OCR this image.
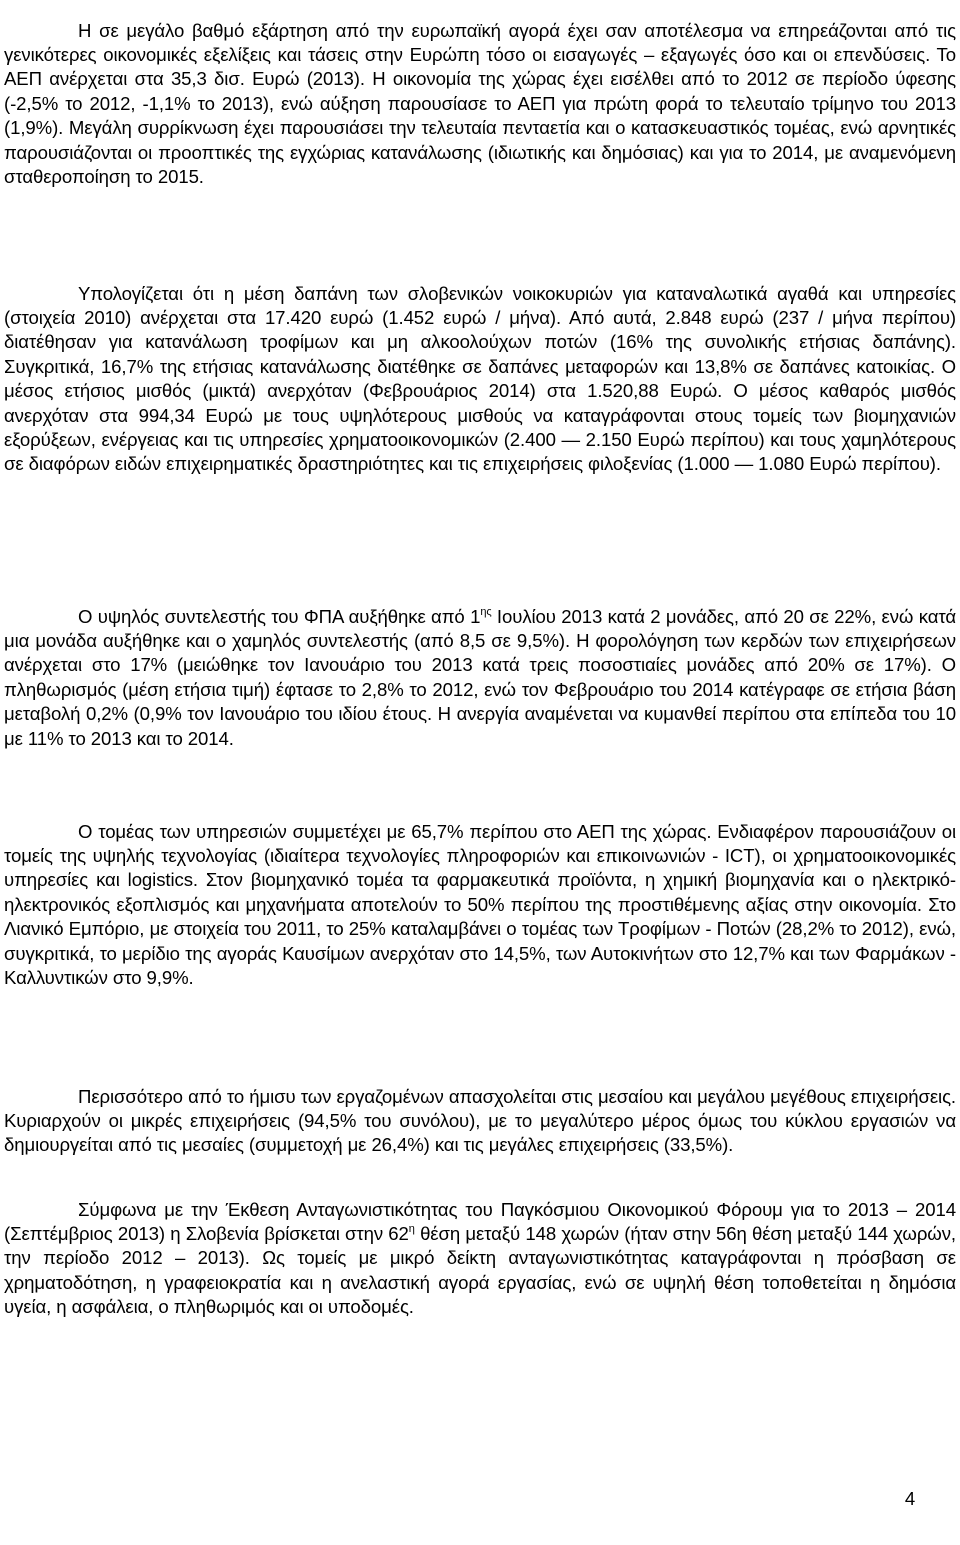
Η σε μεγάλο βαθμό εξάρτηση από την ευρωπαϊκή αγορά έχει σαν αποτέλεσμα να επηρεάζονται από τις γενικότερες οικονομικές εξελίξεις και τάσεις στην Ευρώπη τόσο οι εισαγωγές – εξαγωγές όσο και οι επενδύσεις. Το ΑΕΠ ανέρχεται στα 35,3 δισ. Ευρώ (2013). Η οικονομία της χώρας έχει εισέλθει από το 2012 σε περίοδο ύφεσης (-2,5% το 2012, -1,1% το 2013), ενώ αύξηση παρουσίασε το ΑΕΠ για πρώτη φορά το τελευταίο τρίμηνο του 2013 (1,9%). Μεγάλη συρρίκνωση έχει παρουσιάσει την τελευταία πενταετία και ο κατασκευαστικός τομέας, ενώ αρνητικές παρουσιάζονται οι προοπτικές της εγχώριας κατανάλωσης (ιδιωτικής και δημόσιας) και για το 2014, με αναμενόμενη σταθεροποίηση το 2015.

Υπολογίζεται ότι η μέση δαπάνη των σλοβενικών νοικοκυριών για καταναλωτικά αγαθά και υπηρεσίες (στοιχεία 2010) ανέρχεται στα 17.420 ευρώ (1.452 ευρώ / μήνα). Από αυτά, 2.848 ευρώ (237 / μήνα περίπου) διατέθησαν για κατανάλωση τροφίμων και μη αλκοολούχων ποτών (16% της συνολικής ετήσιας δαπάνης). Συγκριτικά, 16,7% της ετήσιας κατανάλωσης διατέθηκε σε δαπάνες μεταφορών και 13,8% σε δαπάνες κατοικίας. Ο μέσος ετήσιος μισθός (μικτά) ανερχόταν (Φεβρουάριος 2014) στα 1.520,88 Ευρώ. Ο μέσος καθαρός μισθός ανερχόταν στα 994,34 Ευρώ με τους υψηλότερους μισθούς να καταγράφονται στους τομείς των βιομηχανιών εξορύξεων, ενέργειας και τις υπηρεσίες χρηματοοικονομικών (2.400 — 2.150 Ευρώ περίπου) και τους χαμηλότερους σε διαφόρων ειδών επιχειρηματικές δραστηριότητες και τις επιχειρήσεις φιλοξενίας (1.000 — 1.080 Ευρώ περίπου).

Ο υψηλός συντελεστής του ΦΠΑ αυξήθηκε από $1^{\eta\varsigma}$ Ιουλίου 2013 κατά 2 μονάδες, από 20 σε 22%, ενώ κατά μια μονάδα αυξήθηκε και ο χαμηλός συντελεστής (από 8,5 σε 9,5%). Η φορολόγηση των κερδών των επιχειρήσεων ανέρχεται στο 17% (μειώθηκε τον Ιανουάριο του 2013 κατά τρεις ποσοστιαίες μονάδες από 20% σε 17%). Ο πληθωρισμός (μέση ετήσια τιμή) έφτασε το 2,8% το 2012, ενώ τον Φεβρουάριο του 2014 κατέγραφε σε ετήσια βάση μεταβολή 0,2% (0,9% τον Ιανουάριο του ιδίου έτους. Η ανεργία αναμένεται να κυμανθεί περίπου στα επίπεδα του 10 με 11% το 2013 και το 2014.

Ο τομέας των υπηρεσιών συμμετέχει με 65,7% περίπου στο ΑΕΠ της χώρας. Ενδιαφέρον παρουσιάζουν οι τομείς της υψηλής τεχνολογίας (ιδιαίτερα τεχνολογίες πληροφοριών και επικοινωνιών - ICT), οι χρηματοοικονομικές υπηρεσίες και logistics. Στον βιομηχανικό τομέα τα φαρμακευτικά προϊόντα, η χημική βιομηχανία και ο ηλεκτρικό-ηλεκτρονικός εξοπλισμός και μηχανήματα αποτελούν το 50% περίπου της προστιθέμενης αξίας στην οικονομία. Στο Λιανικό Εμπόριο, με στοιχεία του 2011, το 25% καταλαμβάνει ο τομέας των Τροφίμων - Ποτών (28,2% το 2012), ενώ, συγκριτικά, το μερίδιο της αγοράς Καυσίμων ανερχόταν στο 14,5%, των Αυτοκινήτων στο 12,7% και των Φαρμάκων - Καλλυντικών στο 9,9%.

Περισσότερο από το ήμισυ των εργαζομένων απασχολείται στις μεσαίου και μεγάλου μεγέθους επιχειρήσεις. Κυριαρχούν οι μικρές επιχειρήσεις (94,5% του συνόλου), με το μεγαλύτερο μέρος όμως του κύκλου εργασιών να δημιουργείται από τις μεσαίες (συμμετοχή με 26,4%) και τις μεγάλες επιχειρήσεις (33,5%).

Σύμφωνα με την Έκθεση Ανταγωνιστικότητας του Παγκόσμιου Οικονομικού Φόρουμ για το 2013 – 2014 (Σεπτέμβριος 2013) η Σλοβενία βρίσκεται στην $62^\eta$ θέση μεταξύ 148 χωρών (ήταν στην 56η θέση μεταξύ 144 χωρών, την περίοδο 2012 – 2013). Ως τομείς με μικρό δείκτη ανταγωνιστικότητας καταγράφονται η πρόσβαση σε χρηματοδότηση, η γραφειοκρατία και η ανελαστική αγορά εργασίας, ενώ σε υψηλή θέση τοποθετείται η δημόσια υγεία, η ασφάλεια, ο πληθωριμός και οι υποδομές.

4
